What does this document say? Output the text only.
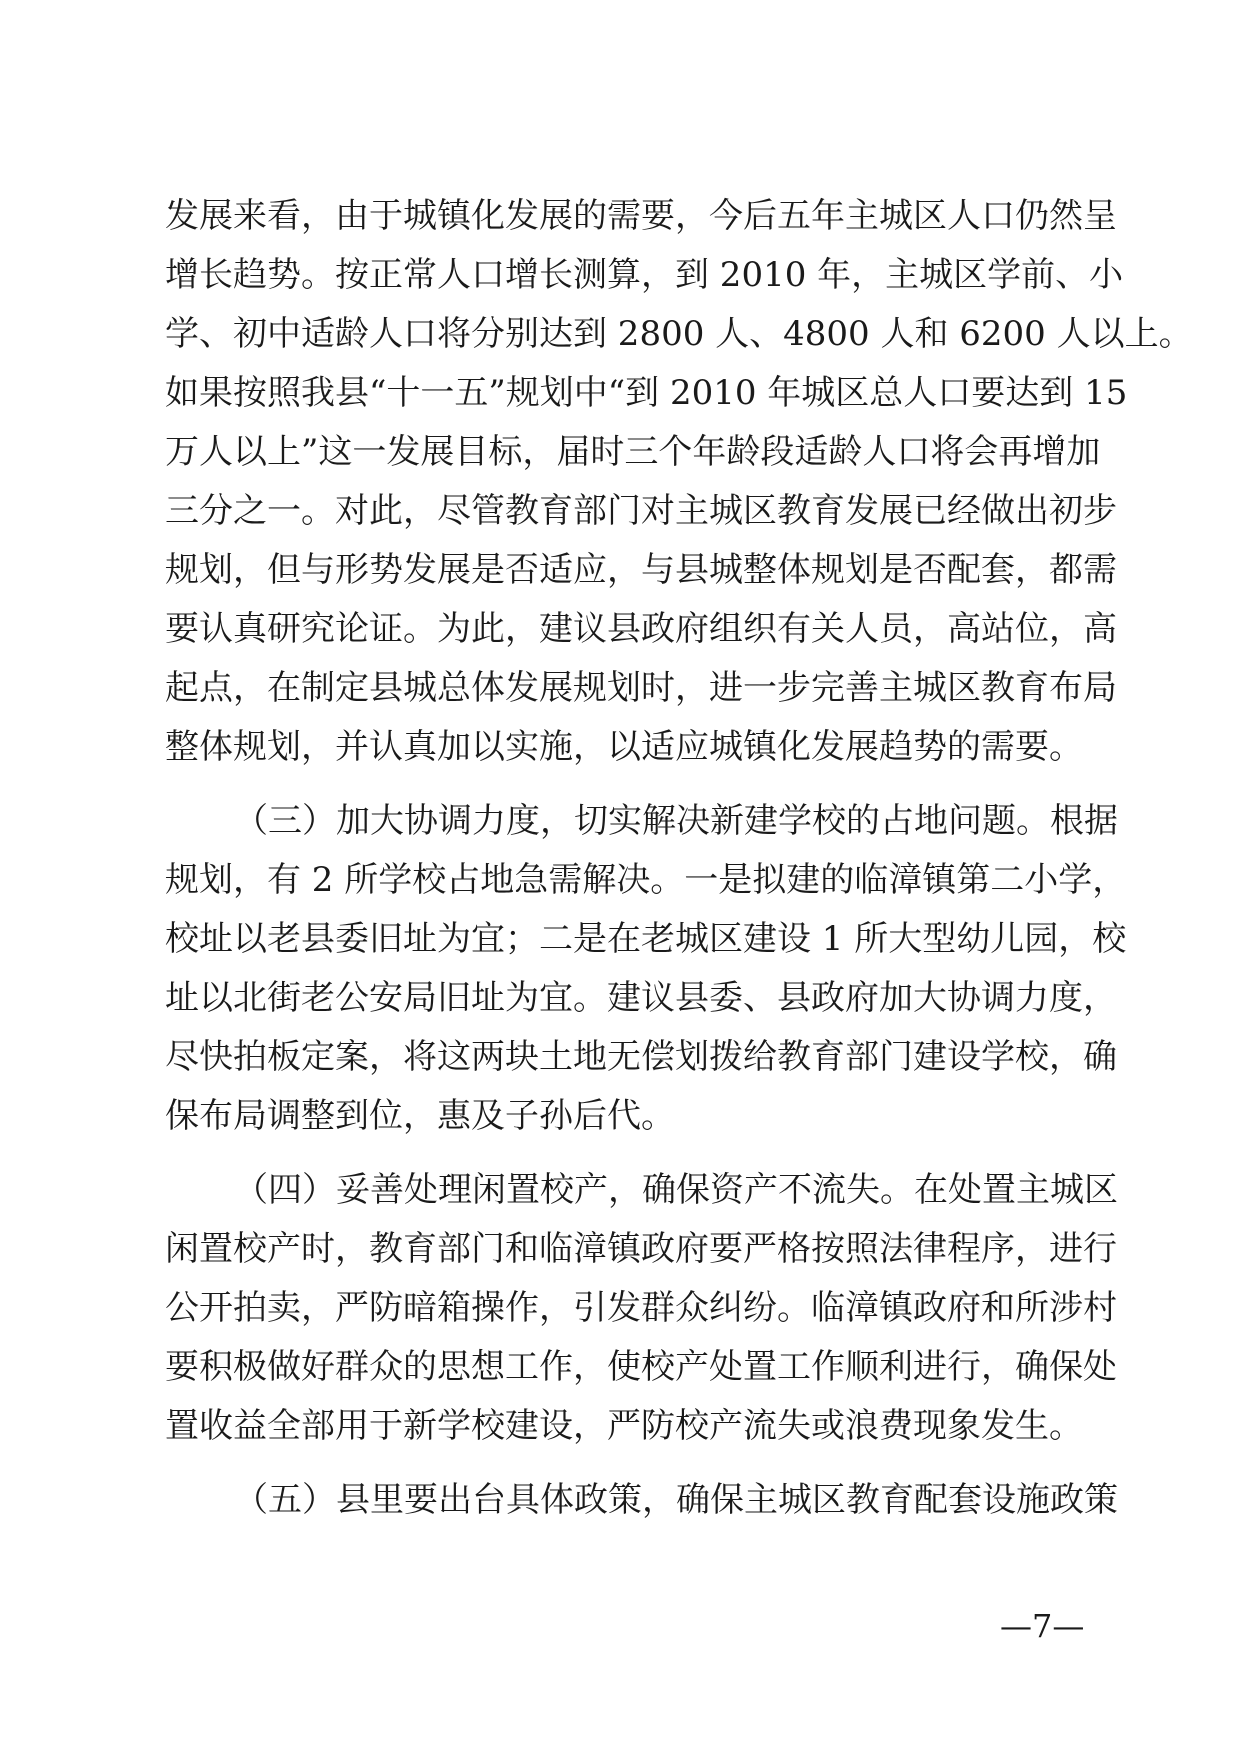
发展来看，由于城镇化发展的需要，今后五年主城区人口仍然呈
增长趋势。按正常人口增长测算，到 2010 年，主城区学前、小
学、初中适龄人口将分别达到 2800 人、4800 人和 6200 人以上。
如果按照我县“十一五”规划中“到 2010 年城区总人口要达到 15
万人以上”这一发展目标，届时三个年龄段适龄人口将会再增加
三分之一。对此，尽管教育部门对主城区教育发展已经做出初步
规划，但与形势发展是否适应，与县城整体规划是否配套，都需
要认真研究论证。为此，建议县政府组织有关人员，高站位，高
起点，在制定县城总体发展规划时，进一步完善主城区教育布局
整体规划，并认真加以实施，以适应城镇化发展趋势的需要。
（三）加大协调力度，切实解决新建学校的占地问题。根据
规划，有 2 所学校占地急需解决。一是拟建的临漳镇第二小学，
校址以老县委旧址为宜；二是在老城区建设 1 所大型幼儿园，校
址以北街老公安局旧址为宜。建议县委、县政府加大协调力度，
尽快拍板定案，将这两块土地无偿划拨给教育部门建设学校，确
保布局调整到位，惠及子孙后代。
（四）妥善处理闲置校产，确保资产不流失。在处置主城区
闲置校产时，教育部门和临漳镇政府要严格按照法律程序，进行
公开拍卖，严防暗箱操作，引发群众纠纷。临漳镇政府和所涉村
要积极做好群众的思想工作，使校产处置工作顺利进行，确保处
置收益全部用于新学校建设，严防校产流失或浪费现象发生。
（五）县里要出台具体政策，确保主城区教育配套设施政策
—7—
